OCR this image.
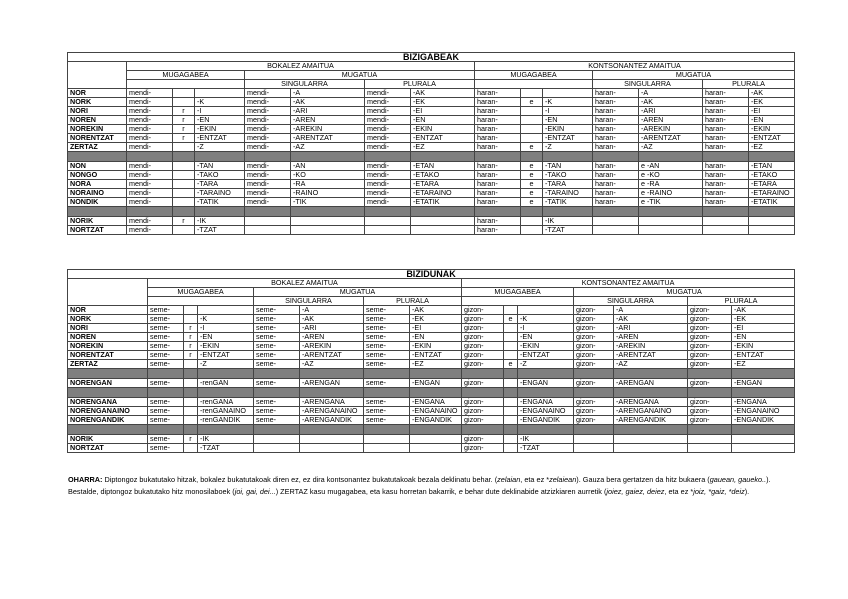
BIZIGABEAK														
	BOKALEZ AMAITUA							KONTSONANTEZ AMAITUA						
	MUGAGABEA			MUGATUA				MUGAGABEA			MUGATUA			
				SINGULARRA		PLURALA					SINGULARRA		PLURALA	
NOR	mendi-			mendi-	-A	mendi-	-AK	haran-			haran-	-A	haran-	-AK
NORK	mendi-		-K	mendi-	-AK	mendi-	-EK	haran-	e	-K	haran-	-AK	haran-	-EK
NORI	mendi-	r	-I	mendi-	-ARI	mendi-	-EI	haran-		-I	haran-	-ARI	haran-	-EI
NOREN	mendi-	r	-EN	mendi-	-AREN	mendi-	-EN	haran-		-EN	haran-	-AREN	haran-	-EN
NOREKIN	mendi-	r	-EKIN	mendi-	-AREKIN	mendi-	-EKIN	haran-		-EKIN	haran-	-AREKIN	haran-	-EKIN
NORENTZAT	mendi-	r	-ENTZAT	mendi-	-ARENTZAT	mendi-	-ENTZAT	haran-		-ENTZAT	haran-	-ARENTZAT	haran-	-ENTZAT
ZERTAZ	mendi-		-Z	mendi-	-AZ	mendi-	-EZ	haran-	e	-Z	haran-	-AZ	haran-	-EZ

NON	mendi-		-TAN	mendi-	-AN	mendi-	-ETAN	haran-	e	-TAN	haran-	e -AN	haran-	-ETAN
NONGO	mendi-		-TAKO	mendi-	-KO	mendi-	-ETAKO	haran-	e	-TAKO	haran-	e -KO	haran-	-ETAKO
NORA	mendi-		-TARA	mendi-	-RA	mendi-	-ETARA	haran-	e	-TARA	haran-	e -RA	haran-	-ETARA
NORAINO	mendi-		-TARAINO	mendi-	-RAINO	mendi-	-ETARAINO	haran-	e	-TARAINO	haran-	e -RAINO	haran-	-ETARAINO
NONDIK	mendi-		-TATIK	mendi-	-TIK	mendi-	-ETATIK	haran-	e	-TATIK	haran-	e -TIK	haran-	-ETATIK

NORIK	mendi-	r	-IK					haran-		-IK				
NORTZAT	mendi-		-TZAT					haran-		-TZAT				
BIZIDUNAK														
	BOKALEZ AMAITUA							KONTSONANTEZ AMAITUA						
	MUGAGABEA			MUGATUA				MUGAGABEA			MUGATUA			
				SINGULARRA		PLURALA					SINGULARRA		PLURALA	
NOR	seme-			seme-	-A	seme-	-AK	gizon-			gizon-	-A	gizon-	-AK
NORK	seme-		-K	seme-	-AK	seme-	-EK	gizon-	e	-K	gizon-	-AK	gizon-	-EK
NORI	seme-	r	-I	seme-	-ARI	seme-	-EI	gizon-		-I	gizon-	-ARI	gizon-	-EI
NOREN	seme-	r	-EN	seme-	-AREN	seme-	-EN	gizon-		-EN	gizon-	-AREN	gizon-	-EN
NOREKIN	seme-	r	-EKIN	seme-	-AREKIN	seme-	-EKIN	gizon-		-EKIN	gizon-	-AREKIN	gizon-	-EKIN
NORENTZAT	seme-	r	-ENTZAT	seme-	-ARENTZAT	seme-	-ENTZAT	gizon-		-ENTZAT	gizon-	-ARENTZAT	gizon-	-ENTZAT
ZERTAZ	seme-		-Z	seme-	-AZ	seme-	-EZ	gizon-	e	-Z	gizon-	-AZ	gizon-	-EZ

NORENGAN	seme-		-renGAN	seme-	-ARENGAN	seme-	-ENGAN	gizon-		-ENGAN	gizon-	-ARENGAN	gizon-	-ENGAN

NORENGANA	seme-		-renGANA	seme-	-ARENGANA	seme-	-ENGANA	gizon-		-ENGANA	gizon-	-ARENGANA	gizon-	-ENGANA
NORENGANAINO	seme-		-renGANAINO	seme-	-ARENGANAINO	seme-	-ENGANAINO	gizon-		-ENGANAINO	gizon-	-ARENGANAINO	gizon-	-ENGANAINO
NORENGANDIK	seme-		-renGANDIK	seme-	-ARENGANDIK	seme-	-ENGANDIK	gizon-		-ENGANDIK	gizon-	-ARENGANDIK	gizon-	-ENGANDIK

NORIK	seme-	r	-IK					gizon-		-IK				
NORTZAT	seme-		-TZAT					gizon-		-TZAT				
OHARRA: Diptongoz bukatutako hitzak, bokalez bukatutakoak diren ez, ez dira kontsonantez bukatutakoak bezala deklinatu behar. (zelaian, eta ez *zelaiean). Gauza bera gertatzen da hitz bukaera (gauean, gaueko..). Bestalde, diptongoz bukatutako hitz monosilaboek (joi, gai, dei...) ZERTAZ kasu mugagabea, eta kasu horretan bakarrik, e behar dute deklinabide atzizkiaren aurretik (joiez, gaiez, deiez, eta ez *joiz, *gaiz, *deiz).
